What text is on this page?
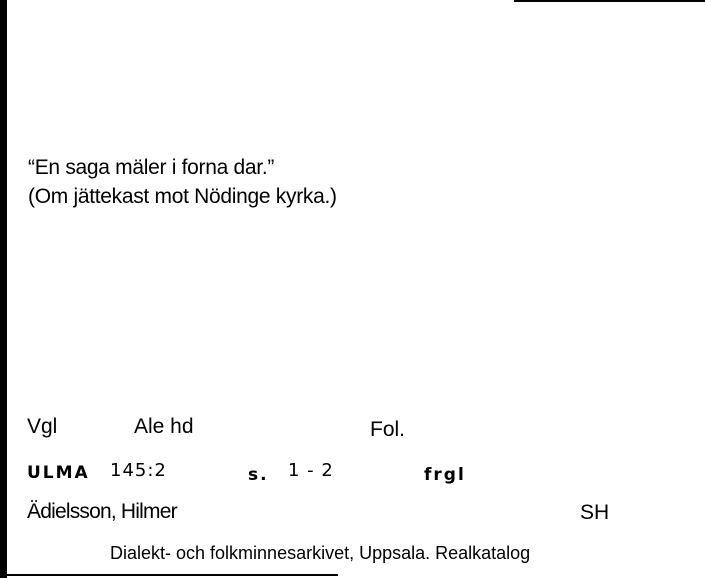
“En saga mäler i forna dar.”
(Om jättekast mot Nödinge kyrka.)
Vgl	Ale hd	Fol.
ULMA 145:2	s. 1 - 2	frgl
Ädielsson, Hilmer	SH
Dialekt- och folkminnesarkivet, Uppsala. Realkatalog
